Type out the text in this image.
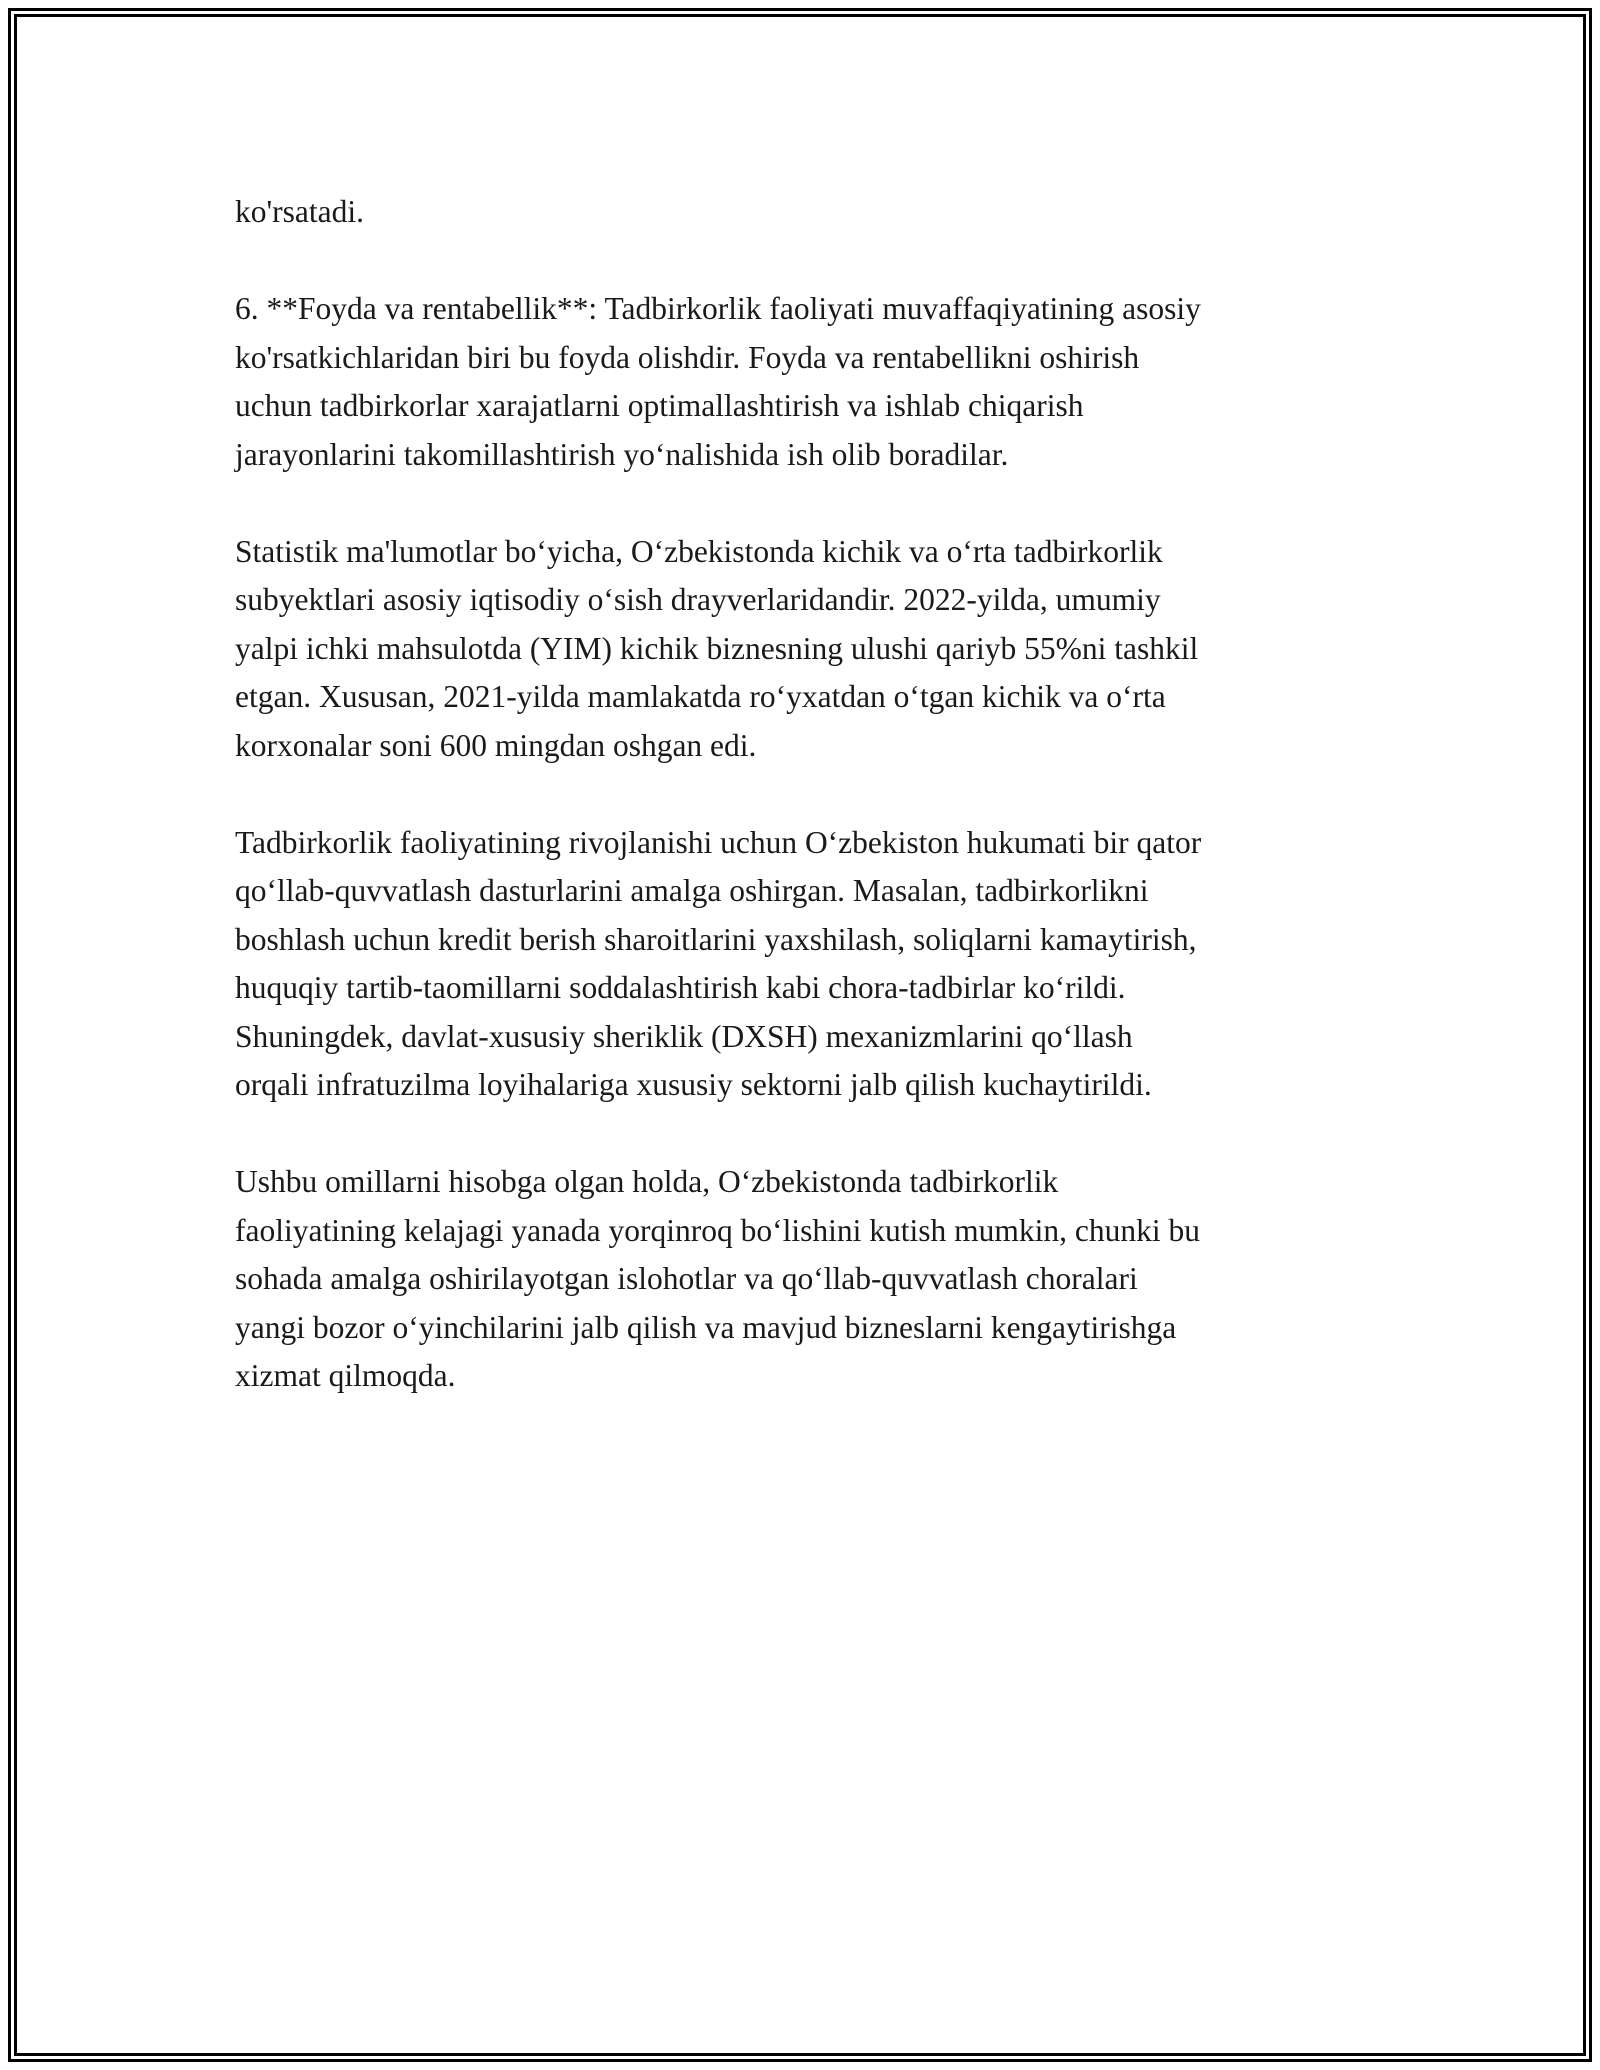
ko'rsatadi.

6. **Foyda va rentabellik**: Tadbirkorlik faoliyati muvaffaqiyatining asosiy
ko'rsatkichlaridan biri bu foyda olishdir. Foyda va rentabellikni oshirish
uchun tadbirkorlar xarajatlarni optimallashtirish va ishlab chiqarish
jarayonlarini takomillashtirish yo‘nalishida ish olib boradilar.

Statistik ma'lumotlar bo‘yicha, O‘zbekistonda kichik va o‘rta tadbirkorlik
subyektlari asosiy iqtisodiy o‘sish drayverlaridandir. 2022-yilda, umumiy
yalpi ichki mahsulotda (YIM) kichik biznesning ulushi qariyb 55%ni tashkil
etgan. Xususan, 2021-yilda mamlakatda ro‘yxatdan o‘tgan kichik va o‘rta
korxonalar soni 600 mingdan oshgan edi.

Tadbirkorlik faoliyatining rivojlanishi uchun O‘zbekiston hukumati bir qator
qo‘llab-quvvatlash dasturlarini amalga oshirgan. Masalan, tadbirkorlikni
boshlash uchun kredit berish sharoitlarini yaxshilash, soliqlarni kamaytirish,
huquqiy tartib-taomillarni soddalashtirish kabi chora-tadbirlar ko‘rildi.
Shuningdek, davlat-xususiy sheriklik (DXSH) mexanizmlarini qo‘llash
orqali infratuzilma loyihalariga xususiy sektorni jalb qilish kuchaytirildi.

Ushbu omillarni hisobga olgan holda, O‘zbekistonda tadbirkorlik
faoliyatining kelajagi yanada yorqinroq bo‘lishini kutish mumkin, chunki bu
sohada amalga oshirilayotgan islohotlar va qo‘llab-quvvatlash choralari
yangi bozor o‘yinchilarini jalb qilish va mavjud bizneslarni kengaytirishga
xizmat qilmoqda.
